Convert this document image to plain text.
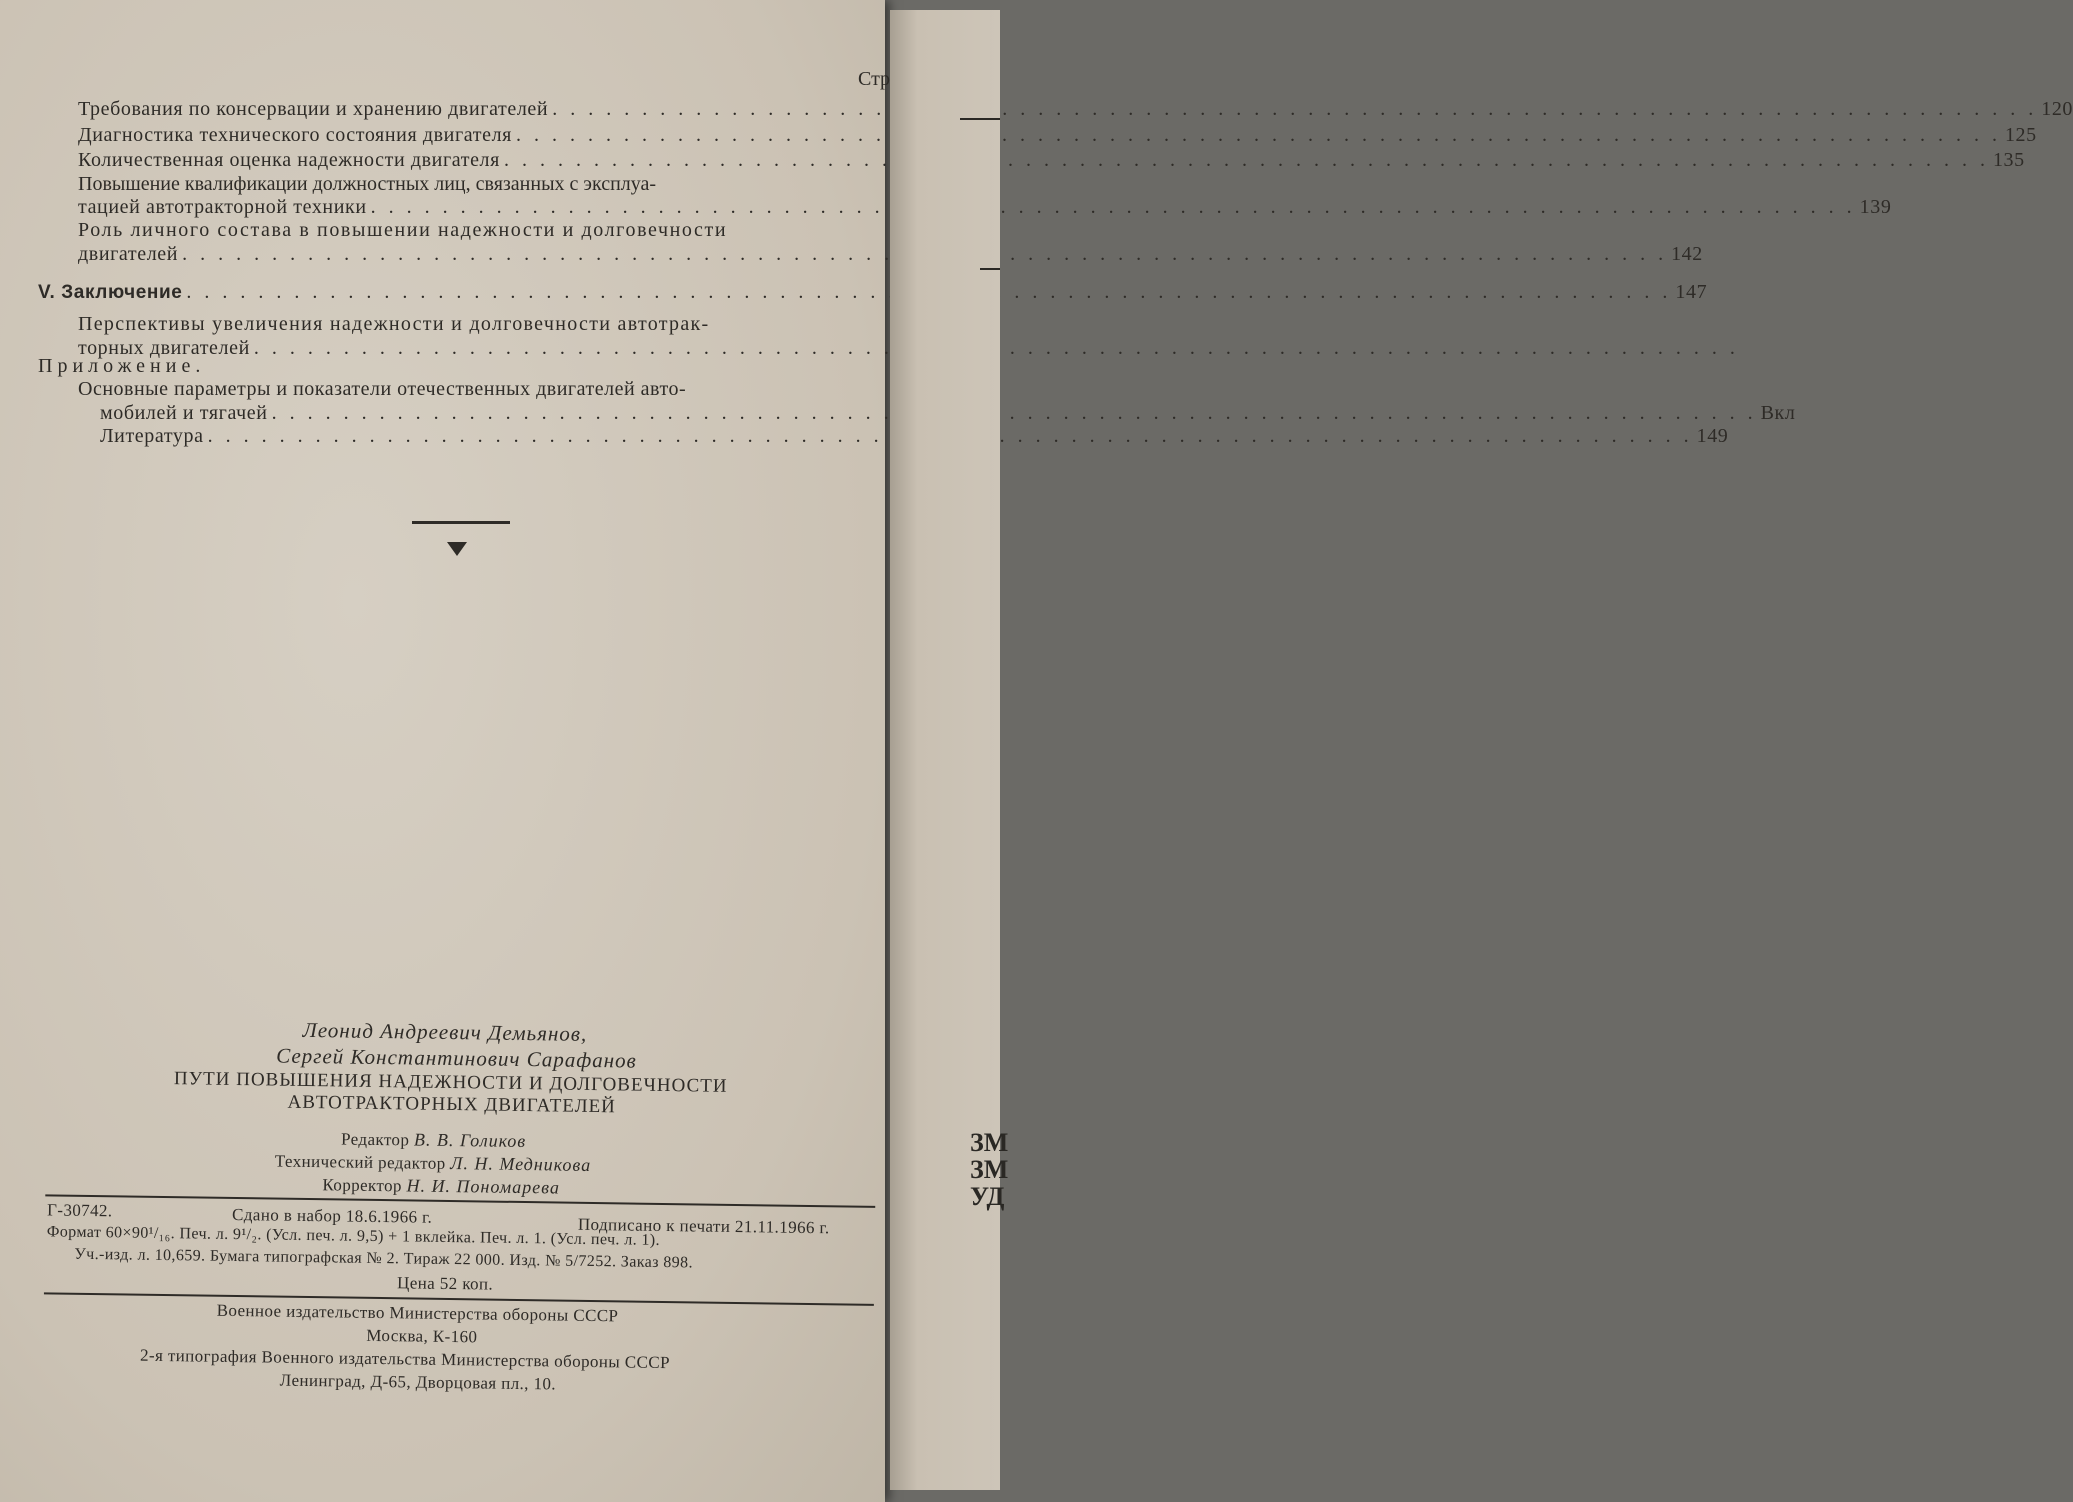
Стр
Требования по консервации и хранению двигателей . . .	120
Диагностика технического состояния двигателя . . .	125
Количественная оценка надежности двигателя . . .	135
Повышение квалификации должностных лиц, связанных с эксплуа-
тацией автотракторной техники . . .	139
Роль личного состава в повышении надежности и долговечности
двигателей . . .	142
V. Заключение . . .	147
Перспективы увеличения надежности и долговечности автотрак-
торных двигателей
. . .
Приложение.
Основные параметры и показатели отечественных двигателей авто-
мобилей и тягачей . . .	Вкл
Литература . . .	149
Леонид Андреевич Демьянов,
Сергей Константинович Сарафанов
ПУТИ ПОВЫШЕНИЯ НАДЕЖНОСТИ И ДОЛГОВЕЧНОСТИ
АВТОТРАКТОРНЫХ ДВИГАТЕЛЕЙ
Редактор В. В. Голиков
Технический редактор Л. Н. Медникова
Корректор Н. И. Пономарева
Г-30742.	Сдано в набор 18.6.1966 г.	Подписано к печати 21.11.1966 г.
Формат 60×90¹/₁₆. Печ. л. 9¹/₂. (Усл. печ. л. 9,5) + 1 вклейка. Печ. л. 1. (Усл. печ. л. 1).
Уч.-изд. л. 10,659. Бумага типографская № 2. Тираж 22 000. Изд. № 5/7252. Заказ 898.
Цена 52 коп.
Военное издательство Министерства обороны СССР
Москва, К-160
2-я типография Военного издательства Министерства обороны СССР
Ленинград, Д-65, Дворцовая пл., 10.
ЗМ
ЗМ
УД
